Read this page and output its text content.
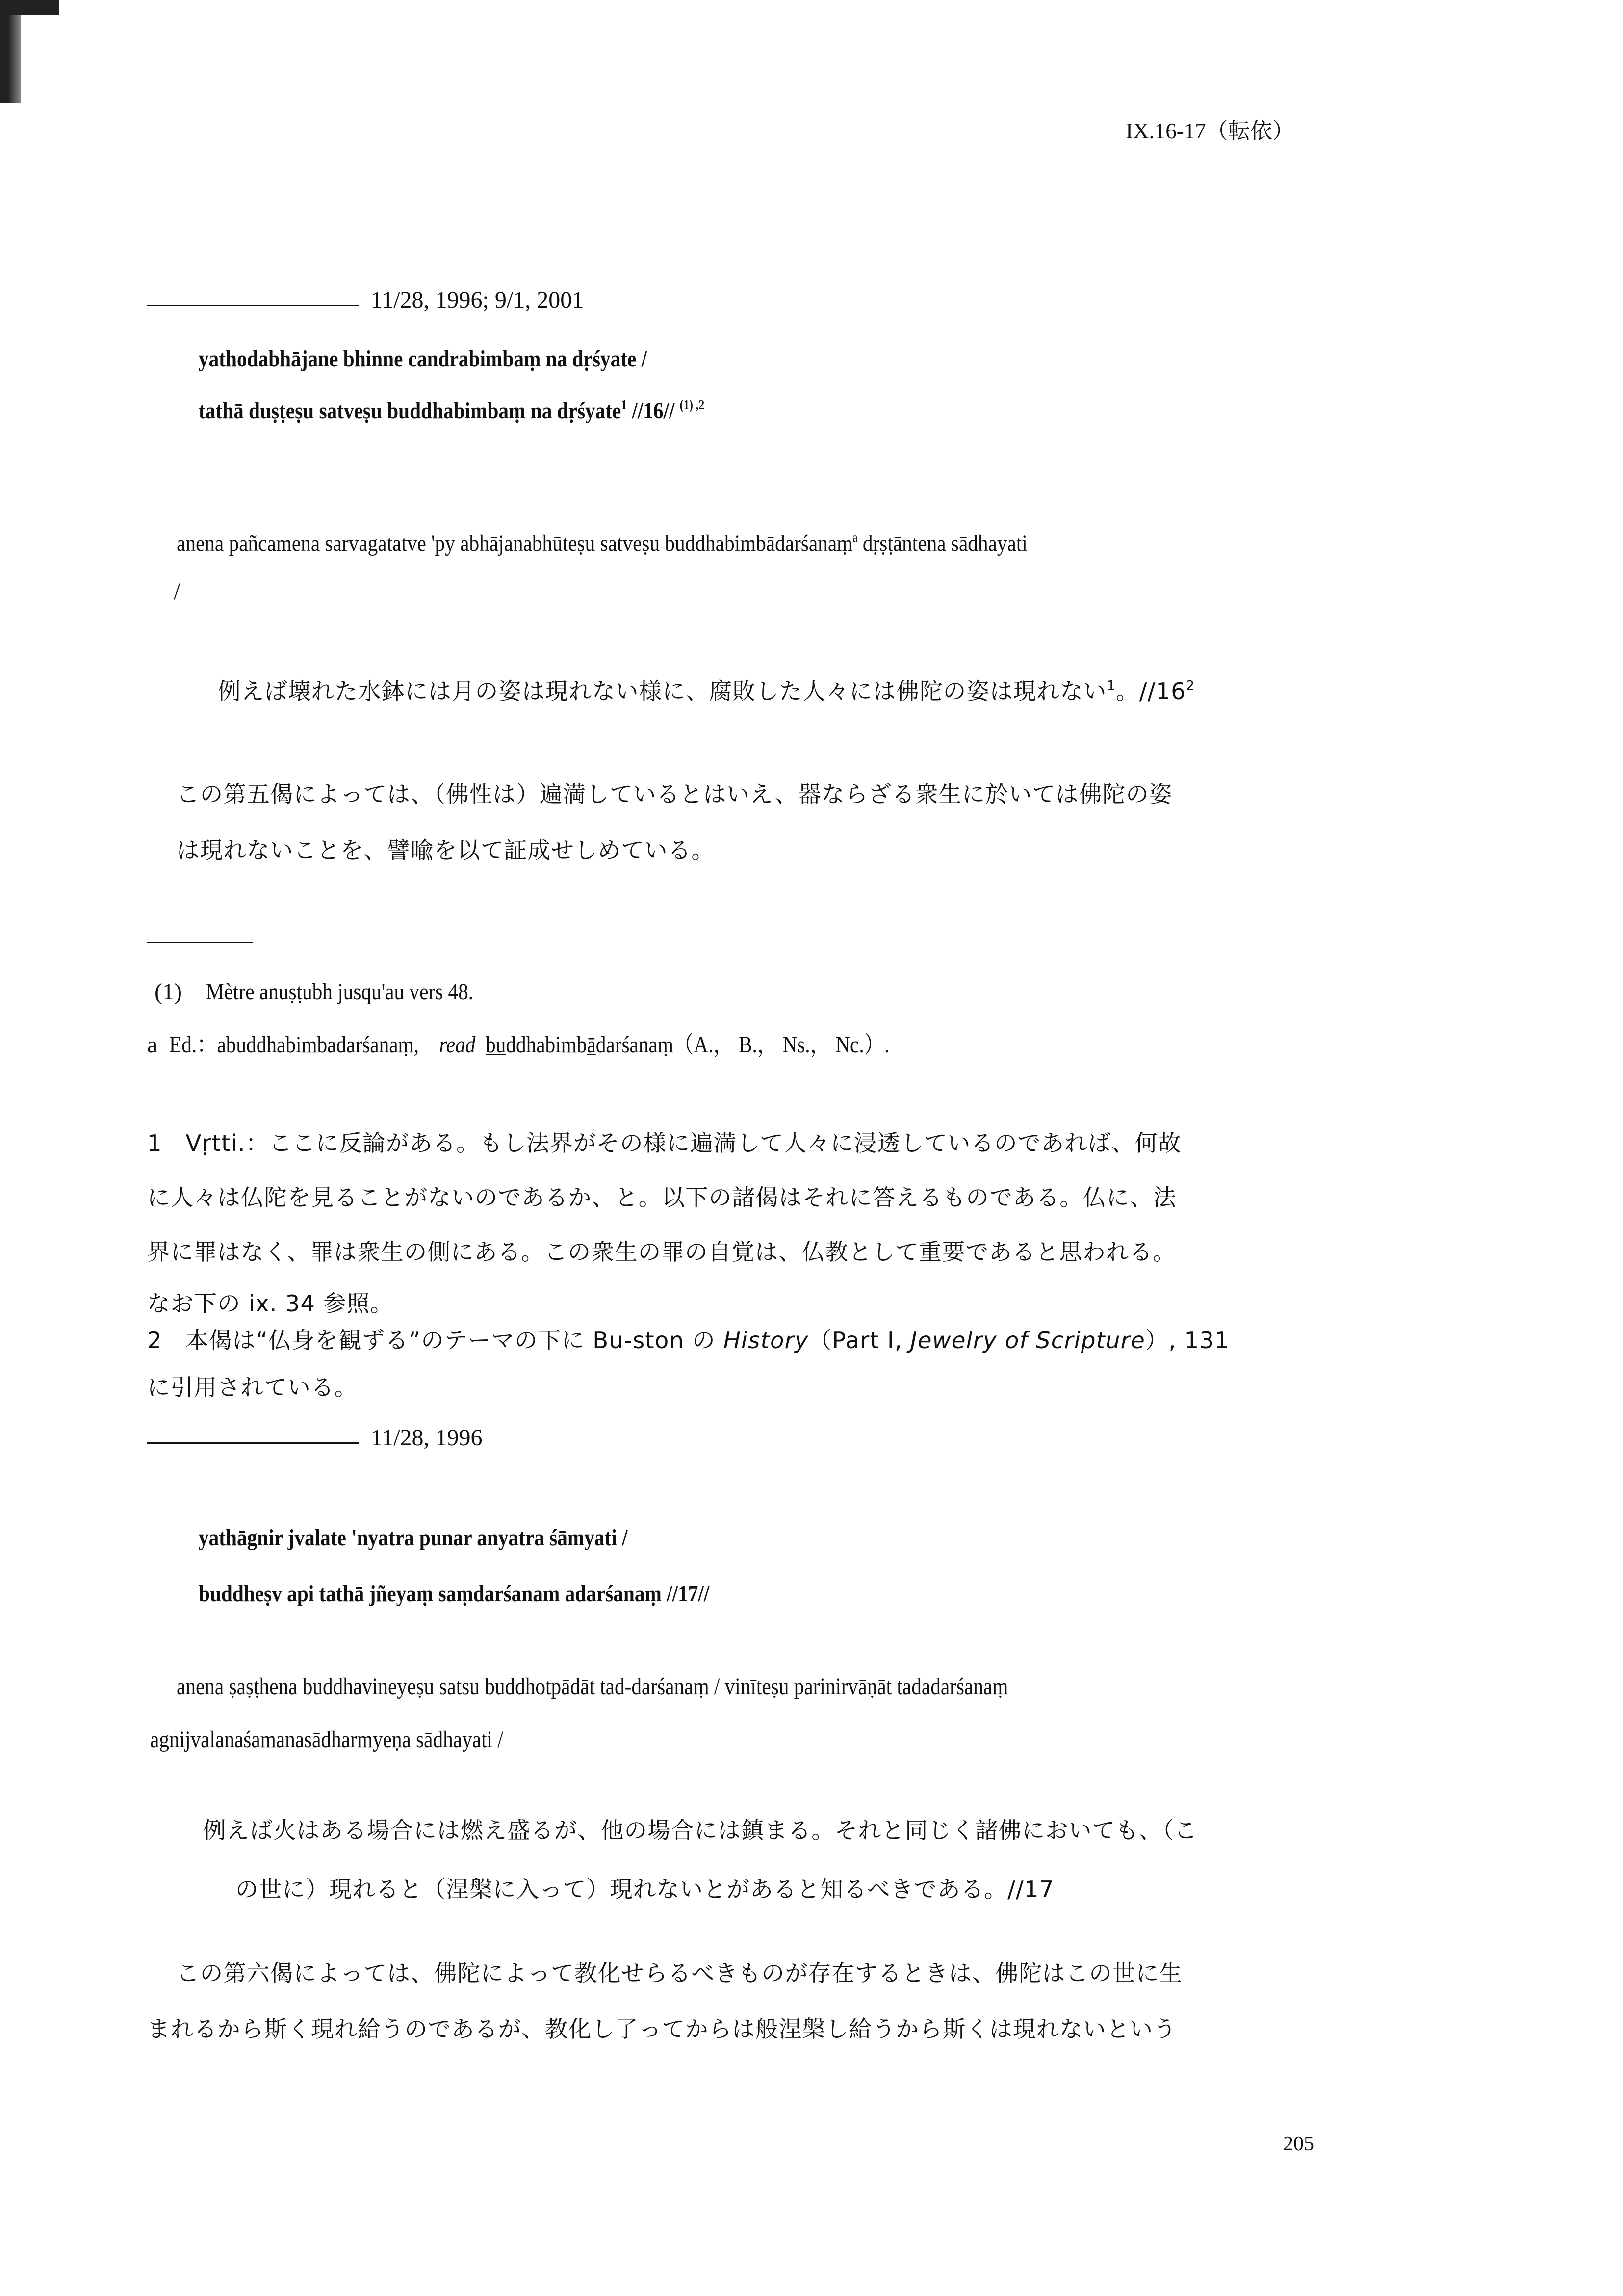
IX.16-17（転依）
11/28, 1996; 9/1, 2001
yathodabhājane bhinne candrabimbaṃ na dṛśyate /
tathā duṣṭeṣu satveṣu buddhabimbaṃ na dṛśyate$^1$ //16// $^{(1) ,2}$
anena pañcamena sarvagatatve 'py abhājanabhūteṣu satveṣu buddhabimbādarśanaṃ$^a$ dṛṣṭāntena sādhayati
/
例えば壊れた水鉢には月の姿は現れない様に、腐敗した人々には佛陀の姿は現れない$^1$。$//16^2$
この第五偈によっては、（佛性は）遍満しているとはいえ、器ならざる衆生に於いては佛陀の姿
は現れないことを、譬喩を以て証成せしめている。
(1)	Mètre anuṣṭubh jusqu'au vers 48.
a Ed.：abuddhabimbadarśanaṃ,	read buddhabimbādarśanaṃ（A.， B.， Ns.， Nc.）.
1　Vṛtti.：ここに反論がある。もし法界がその様に遍満して人々に浸透しているのであれば、何故
に人々は仏陀を見ることがないのであるか、と。以下の諸偈はそれに答えるものである。仏に、法
界に罪はなく、罪は衆生の側にある。この衆生の罪の自覚は、仏教として重要であると思われる。
なお下の ix. 34 参照。
2　本偈は“仏身を観ずる”のテーマの下に Bu-ston の History（Part I, Jewelry of Scripture）, 131
に引用されている。
11/28, 1996
yathāgnir jvalate 'nyatra punar anyatra śāmyati /
buddheṣv api tathā jñeyaṃ saṃdarśanam adarśanaṃ //17//
anena ṣaṣṭhena buddhavineyeṣu satsu buddhotpādāt tad-darśanaṃ / vinīteṣu parinirvāṇāt tadadarśanaṃ
agnijvalanaśamanasādharmyeṇa sādhayati /
例えば火はある場合には燃え盛るが、他の場合には鎮まる。それと同じく諸佛においても、（こ
の世に）現れると（涅槃に入って）現れないとがあると知るべきである。//17
この第六偈によっては、佛陀によって教化せらるべきものが存在するときは、佛陀はこの世に生
まれるから斯く現れ給うのであるが、教化し了ってからは般涅槃し給うから斯くは現れないという
205
